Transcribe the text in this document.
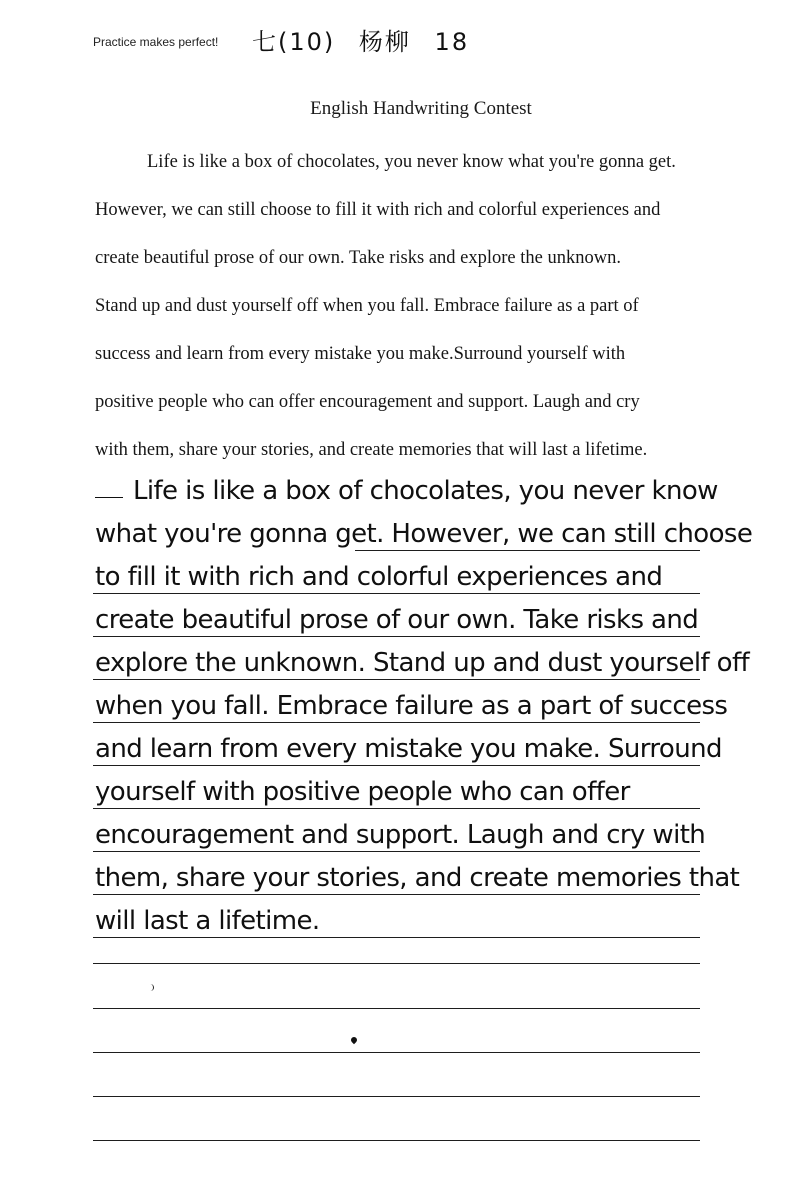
Practice makes perfect! 七(10) 杨柳 18
English Handwriting Contest
Life is like a box of chocolates, you never know what you're gonna get.
However, we can still choose to fill it with rich and colorful experiences and
create beautiful prose of our own. Take risks and explore the unknown.
Stand up and dust yourself off when you fall. Embrace failure as a part of
success and learn from every mistake you make.Surround yourself with
positive people who can offer encouragement and support. Laugh and cry
with them, share your stories, and create memories that will last a lifetime.
Life is like a box of chocolates, you never know
what you're gonna get. However, we can still choose
to fill it with rich and colorful experiences and
create beautiful prose of our own. Take risks and
explore the unknown. Stand up and dust yourself off
when you fall. Embrace failure as a part of success
and learn from every mistake you make. Surround
yourself with positive people who can offer
encouragement and support. Laugh and cry with
them, share your stories, and create memories that
will last a lifetime.
